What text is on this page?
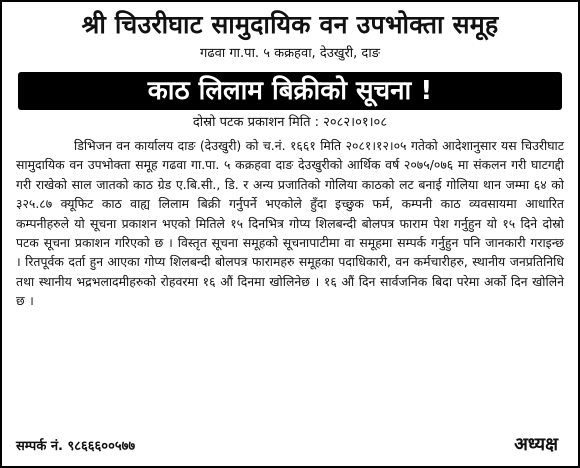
श्री चिउरीघाट सामुदायिक वन उपभोक्ता समूह
गढवा गा.पा. ५ कक्रहवा, देउखुरी, दाङ
काठ लिलाम बिक्रीको सूचना !
दोस्रो पटक प्रकाशन मिति : २०८२।०१।०८
डिभिजन वन कार्यालय दाङ (देउखुरी) को च.नं. १६६१ मिति २०८१।१२।०५ गतेको आदेशानुसार यस चिउरीघाट सामुदायिक वन उपभोक्ता समूह गढवा गा.पा. ५ कक्रहवा दाङ देउखुरीको आर्थिक वर्ष २०७५/०७६ मा संकलन गरी घाटगद्दी गरी राखेको साल जातको काठ ग्रेड ए.बि.सी., डि. र अन्य प्रजातिको गोलिया काठको लट बनाई गोलिया थान जम्मा ६४ को ३२५.८७ क्यूफिट काठ वाह्य लिलाम बिक्री गर्नुपर्ने भएकोले हुँदा इच्छुक फर्म, कम्पनी काठ व्यवसायमा आधारित कम्पनीहरुले यो सूचना प्रकाशन भएको मितिले १५ दिनभित्र गोप्य शिलबन्दी बोलपत्र फाराम पेश गर्नुहुन यो १५ दिने दोस्रो पटक सूचना प्रकाशन गरिएको छ । विस्तृत सूचना समूहको सूचनापाटीमा वा समूहमा सम्पर्क गर्नुहुन पनि जानकारी गराइन्छ । रितपूर्वक दर्ता हुन आएका गोप्य शिलबन्दी बोलपत्र फारामहरु समूहका पदाधिकारी, वन कर्मचारीहरु, स्थानीय जनप्रतिनिधि तथा स्थानीय भद्रभलादमीहरुको रोहवरमा १६ औं दिनमा खोलिनेछ । १६ औं दिन सार्वजनिक बिदा परेमा अर्को दिन खोलिने छ ।
सम्पर्क नं. ९८६६६००५७७	अध्यक्ष
